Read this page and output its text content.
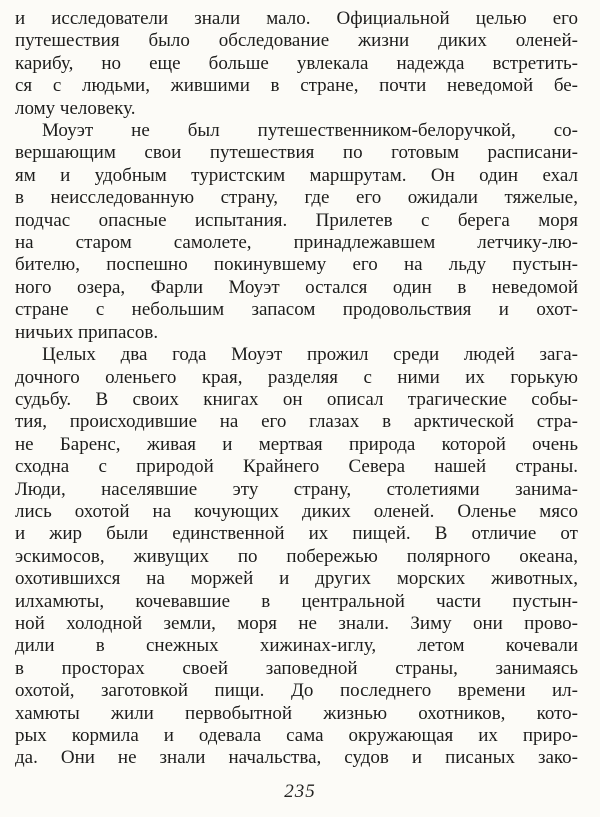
и исследователи знали мало. Официальной целью его
путешествия было обследование жизни диких оленей-
карибу, но еще больше увлекала надежда встретить-
ся с людьми, жившими в стране, почти неведомой бе-
лому человеку.
Моуэт не был путешественником-белоручкой, со-
вершающим свои путешествия по готовым расписани-
ям и удобным туристским маршрутам. Он один ехал
в неисследованную страну, где его ожидали тяжелые,
подчас опасные испытания. Прилетев с берега моря
на старом самолете, принадлежавшем летчику-лю-
бителю, поспешно покинувшему его на льду пустын-
ного озера, Фарли Моуэт остался один в неведомой
стране с небольшим запасом продовольствия и охот-
ничьих припасов.
Целых два года Моуэт прожил среди людей зага-
дочного оленьего края, разделяя с ними их горькую
судьбу. В своих книгах он описал трагические собы-
тия, происходившие на его глазах в арктической стра-
не Баренс, живая и мертвая природа которой очень
сходна с природой Крайнего Севера нашей страны.
Люди, населявшие эту страну, столетиями занима-
лись охотой на кочующих диких оленей. Оленье мясо
и жир были единственной их пищей. В отличие от
эскимосов, живущих по побережью полярного океана,
охотившихся на моржей и других морских животных,
илхамюты, кочевавшие в центральной части пустын-
ной холодной земли, моря не знали. Зиму они прово-
дили в снежных хижинах-иглу, летом кочевали
в просторах своей заповедной страны, занимаясь
охотой, заготовкой пищи. До последнего времени ил-
хамюты жили первобытной жизнью охотников, кото-
рых кормила и одевала сама окружающая их приро-
да. Они не знали начальства, судов и писаных зако-
235
